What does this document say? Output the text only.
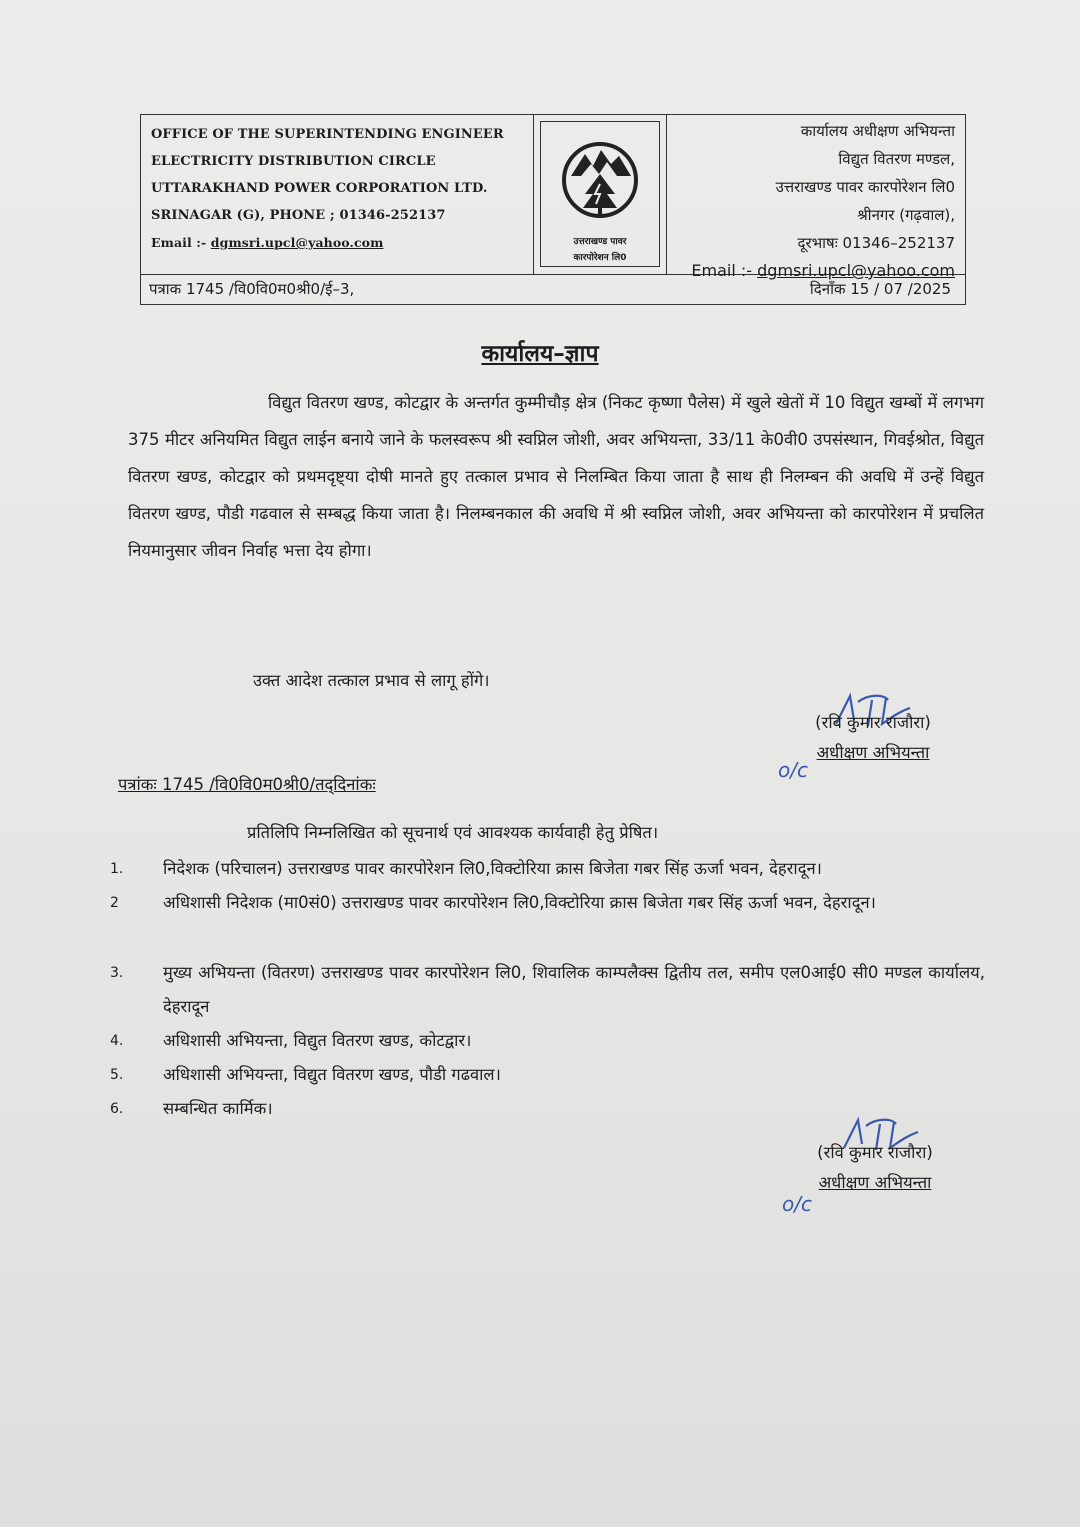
OFFICE OF THE SUPERINTENDING ENGINEER
ELECTRICITY DISTRIBUTION CIRCLE
UTTARAKHAND POWER CORPORATION LTD.
SRINAGAR (G), PHONE ; 01346-252137
Email :- dgmsri.upcl@yahoo.com	उत्तराखण्ड पावर
कारपोरेशन लि0
कार्यालय अधीक्षण अभियन्ता
विद्युत वितरण मण्डल,
उत्तराखण्ड पावर कारपोरेशन लि0
श्रीनगर (गढ़वाल),
दूरभाषः 01346–252137
Email :- dgmsri.upcl@yahoo.com
पत्राक 1745 /वि0वि0म0श्री0/ई–3,	दिनाँक 15 / 07 /2025
कार्यालय–ज्ञाप
विद्युत वितरण खण्ड, कोटद्वार के अन्तर्गत कुम्मीचौड़ क्षेत्र (निकट कृष्णा पैलेस) में खुले खेतों में 10 विद्युत खम्बों में लगभग 375 मीटर अनियमित विद्युत लाईन बनाये जाने के फलस्वरूप श्री स्वप्निल जोशी, अवर अभियन्ता, 33/11 के0वी0 उपसंस्थान, गिवईश्रोत, विद्युत वितरण खण्ड, कोटद्वार को प्रथमदृष्ट्या दोषी मानते हुए तत्काल प्रभाव से निलम्बित किया जाता है साथ ही निलम्बन की अवधि में उन्हें विद्युत वितरण खण्ड, पौडी गढवाल से सम्बद्ध किया जाता है। निलम्बनकाल की अवधि में श्री स्वप्निल जोशी, अवर अभियन्ता को कारपोरेशन में प्रचलित नियमानुसार जीवन निर्वाह भत्ता देय होगा।
उक्त आदेश तत्काल प्रभाव से लागू होंगे।
(रवि कुमार राजौरा)
अधीक्षण अभियन्ता
o/c
पत्रांकः 1745 /वि0वि0म0श्री0/तद्‌दिनांकः
प्रतिलिपि निम्नलिखित को सूचनार्थ एवं आवश्यक कार्यवाही हेतु प्रेषित।
1.	निदेशक (परिचालन) उत्तराखण्ड पावर कारपोरेशन लि0,विक्टोरिया क्रास बिजेता गबर सिंह ऊर्जा भवन, देहरादून।
2	अधिशासी निदेशक (मा0सं0) उत्तराखण्ड पावर कारपोरेशन लि0,विक्टोरिया क्रास बिजेता गबर सिंह ऊर्जा भवन, देहरादून।
3.	मुख्य अभियन्ता (वितरण) उत्तराखण्ड पावर कारपोरेशन लि0, शिवालिक काम्पलैक्स द्वितीय तल, समीप एल0आई0 सी0 मण्डल कार्यालय, देहरादून
4.	अधिशासी अभियन्ता, विद्युत वितरण खण्ड, कोटद्वार।
5.	अधिशासी अभियन्ता, विद्युत वितरण खण्ड, पौडी गढवाल।
6.	सम्बन्धित कार्मिक।
(रवि कुमार राजौरा)
अधीक्षण अभियन्ता
o/c
